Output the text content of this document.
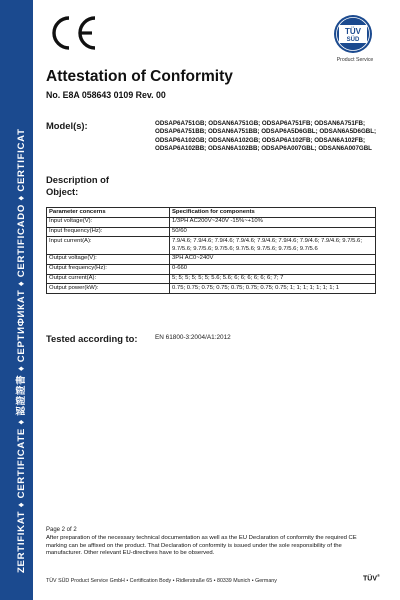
ZERTIFIKAT ♦ CERTIFICATE ♦ 認證證書 ♦ СЕРТИФИКАТ ♦ CERTIFICADO ♦ CERTIFICAT
TÜV
SÜD
Product Service
Attestation of Conformity
No. E8A 058643 0109 Rev. 00
Model(s):	ODSAP6A751GB; ODSAN6A751GB; ODSAP6A751FB; ODSAN6A751FB; ODSAP6A751BB; ODSAN6A751BB; ODSAP6A5D6GBL; ODSAN6A5D6GBL; ODSAP6A102GB; ODSAN6A102GB; ODSAP6A102FB; ODSAN6A102FB; ODSAP6A102BB; ODSAN6A102BB; ODSAP6A007GBL; ODSAN6A007GBL
Description of Object:
Parameter concerns	Specification for components
Input voltage(V):	1/3PH AC200V~240V -15%~+10%
Input frequency(Hz):	50/60
Input current(A):	7.9/4.6; 7.9/4.6; 7.9/4.6; 7.9/4.6; 7.9/4.6; 7.9/4.6; 7.9/4.6; 7.9/4.6; 9.7/5.6; 9.7/5.6; 9.7/5.6; 9.7/5.6; 9.7/5.6; 9.7/5.6; 9.7/5.6; 9.7/5.6
Output voltage(V):	3PH AC0~240V
Output frequency(Hz):	0-660
Output current(A):	5; 5; 5; 5; 5; 5; 5.6; 5.6; 6; 6; 6; 6; 6; 6; 7; 7
Output power(kW):	0.75; 0.75; 0.75; 0.75; 0.75; 0.75; 0.75; 0.75; 1; 1; 1; 1; 1; 1; 1; 1
Tested according to:	EN 61800-3:2004/A1:2012
Page 2 of 2
After preparation of the necessary technical documentation as well as the EU Declaration of conformity the required CE marking can be affixed on the product. That Declaration of conformity is issued under the sole responsibility of the manufacturer. Other relevant EU-directives have to be observed.
TÜV SÜD Product Service GmbH • Certification Body • Ridlerstraße 65 • 80339 Munich • Germany	TÜV®
